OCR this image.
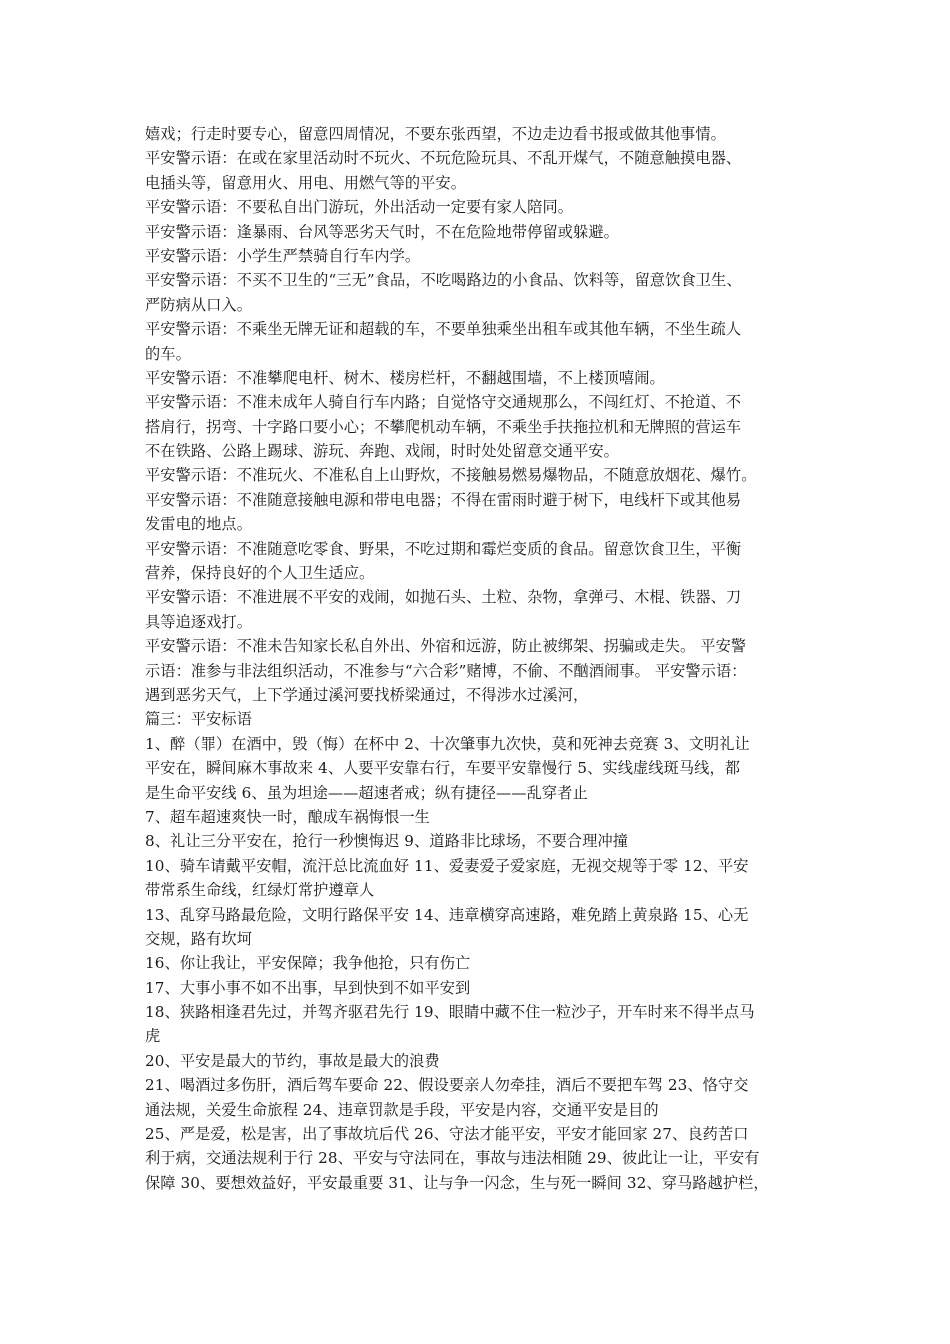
嬉戏；行走时要专心，留意四周情况，不要东张西望，不边走边看书报或做其他事情。
平安警示语：在或在家里活动时不玩火、不玩危险玩具、不乱开煤气，不随意触摸电器、
电插头等，留意用火、用电、用燃气等的平安。
平安警示语：不要私自出门游玩，外出活动一定要有家人陪同。
平安警示语：逢暴雨、台风等恶劣天气时，不在危险地带停留或躲避。
平安警示语：小学生严禁骑自行车内学。
平安警示语：不买不卫生的“三无”食品，不吃喝路边的小食品、饮料等，留意饮食卫生、
严防病从口入。
平安警示语：不乘坐无牌无证和超载的车，不要单独乘坐出租车或其他车辆，不坐生疏人
的车。
平安警示语：不准攀爬电杆、树木、楼房栏杆，不翻越围墙，不上楼顶嘻闹。
平安警示语：不准未成年人骑自行车内路；自觉恪守交通规那么，不闯红灯、不抢道、不
搭肩行，拐弯、十字路口要小心；不攀爬机动车辆，不乘坐手扶拖拉机和无牌照的营运车
不在铁路、公路上踢球、游玩、奔跑、戏闹，时时处处留意交通平安。
平安警示语：不准玩火、不准私自上山野炊，不接触易燃易爆物品，不随意放烟花、爆竹。
平安警示语：不准随意接触电源和带电电器；不得在雷雨时避于树下，电线杆下或其他易
发雷电的地点。
平安警示语：不准随意吃零食、野果，不吃过期和霉烂变质的食品。留意饮食卫生，平衡
营养，保持良好的个人卫生适应。
平安警示语：不准进展不平安的戏闹，如抛石头、土粒、杂物，拿弹弓、木棍、铁器、刀
具等追逐戏打。
平安警示语：不准未告知家长私自外出、外宿和远游，防止被绑架、拐骗或走失。 平安警
示语：准参与非法组织活动，不准参与“六合彩”赌博，不偷、不酗酒闹事。 平安警示语：
遇到恶劣天气，上下学通过溪河要找桥梁通过，不得涉水过溪河，
篇三：平安标语
1、醉（罪）在酒中，毁（悔）在杯中 2、十次肇事九次快，莫和死神去竞赛 3、文明礼让
平安在，瞬间麻木事故来 4、人要平安靠右行，车要平安靠慢行 5、实线虚线斑马线，都
是生命平安线 6、虽为坦途——超速者戒；纵有捷径——乱穿者止
7、超车超速爽快一时，酿成车祸悔恨一生
8、礼让三分平安在，抢行一秒懊悔迟 9、道路非比球场，不要合理冲撞
10、骑车请戴平安帽，流汗总比流血好 11、爱妻爱子爱家庭，无视交规等于零 12、平安
带常系生命线，红绿灯常护遵章人
13、乱穿马路最危险，文明行路保平安 14、违章横穿高速路，难免踏上黄泉路 15、心无
交规，路有坎坷
16、你让我让，平安保障；我争他抢，只有伤亡
17、大事小事不如不出事，早到快到不如平安到
18、狭路相逢君先过，并驾齐驱君先行 19、眼睛中藏不住一粒沙子，开车时来不得半点马
虎
20、平安是最大的节约，事故是最大的浪费
21、喝酒过多伤肝，酒后驾车要命 22、假设要亲人勿牵挂，酒后不要把车驾 23、恪守交
通法规，关爱生命旅程 24、违章罚款是手段，平安是内容，交通平安是目的
25、严是爱，松是害，出了事故坑后代 26、守法才能平安，平安才能回家 27、良药苦口
利于病，交通法规利于行 28、平安与守法同在，事故与违法相随 29、彼此让一让，平安有
保障 30、要想效益好，平安最重要 31、让与争一闪念，生与死一瞬间 32、穿马路越护栏，
